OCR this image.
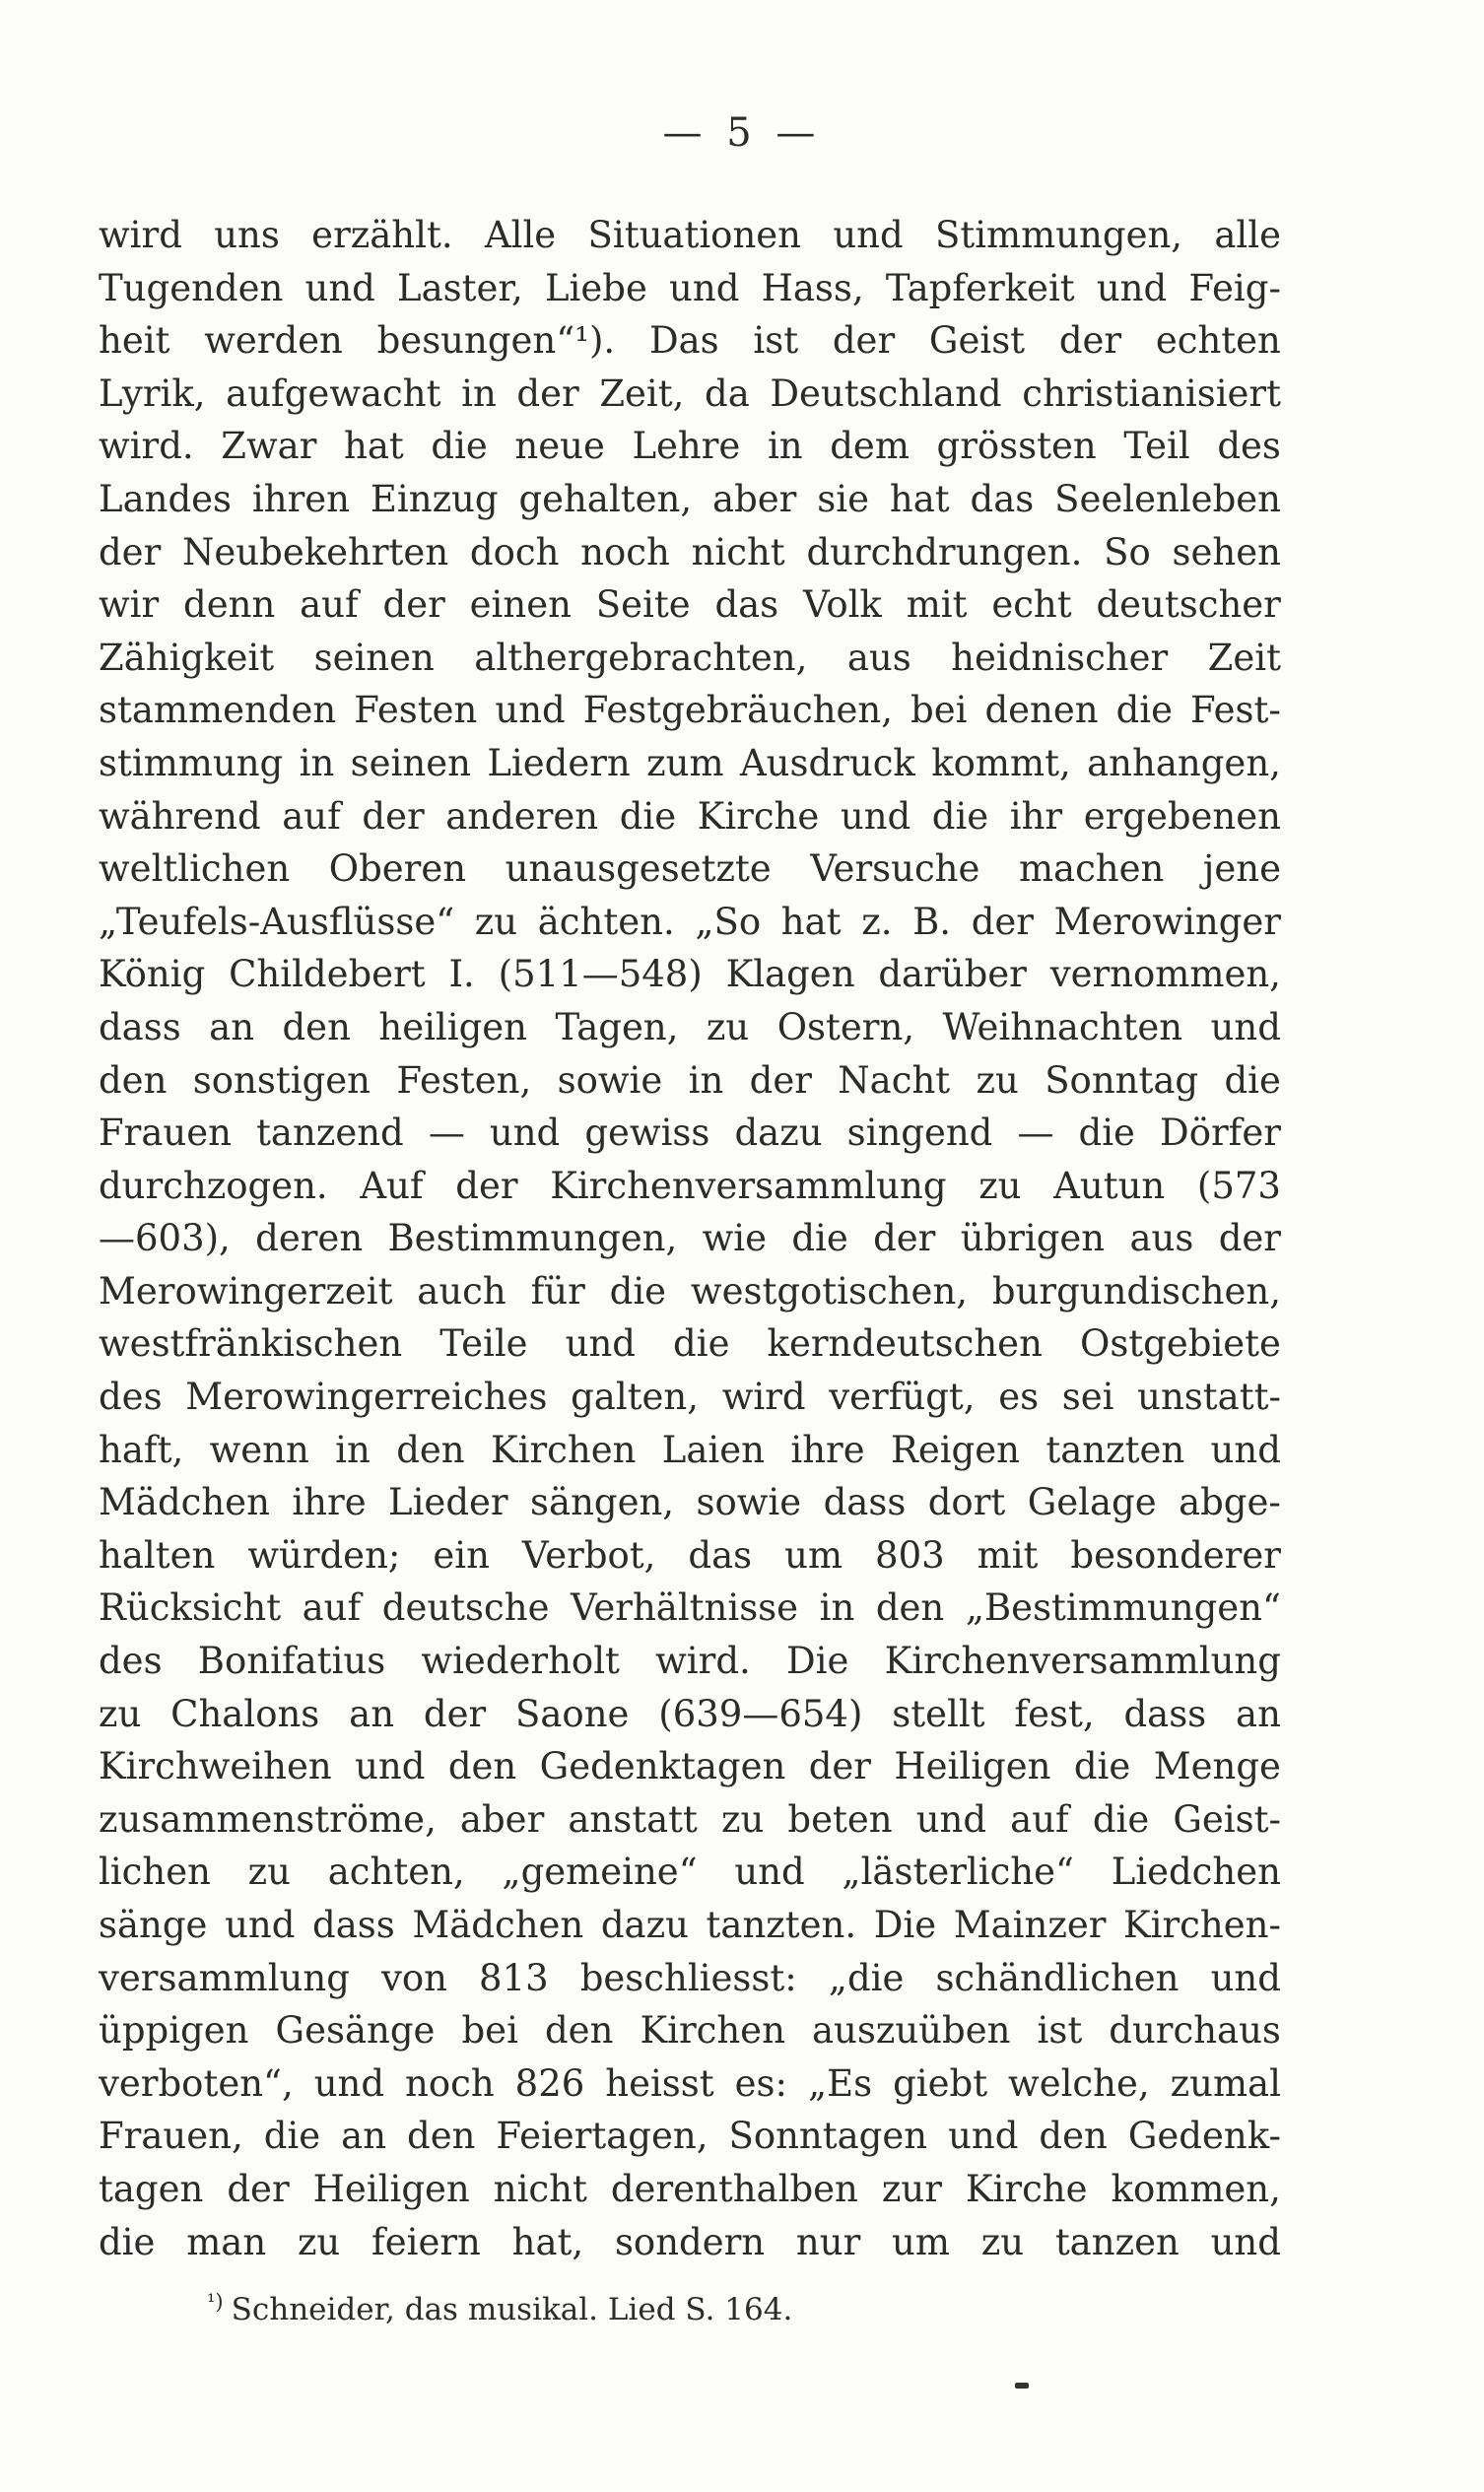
— 5 —
wird uns erzählt. Alle Situationen und Stimmungen, alle
Tugenden und Laster, Liebe und Hass, Tapferkeit und Feig-
heit werden besungen“¹). Das ist der Geist der echten
Lyrik, aufgewacht in der Zeit, da Deutschland christianisiert
wird. Zwar hat die neue Lehre in dem grössten Teil des
Landes ihren Einzug gehalten, aber sie hat das Seelenleben
der Neubekehrten doch noch nicht durchdrungen. So sehen
wir denn auf der einen Seite das Volk mit echt deutscher
Zähigkeit seinen althergebrachten, aus heidnischer Zeit
stammenden Festen und Festgebräuchen, bei denen die Fest-
stimmung in seinen Liedern zum Ausdruck kommt, anhangen,
während auf der anderen die Kirche und die ihr ergebenen
weltlichen Oberen unausgesetzte Versuche machen jene
„Teufels-Ausflüsse“ zu ächten. „So hat z. B. der Merowinger
König Childebert I. (511—548) Klagen darüber vernommen,
dass an den heiligen Tagen, zu Ostern, Weihnachten und
den sonstigen Festen, sowie in der Nacht zu Sonntag die
Frauen tanzend — und gewiss dazu singend — die Dörfer
durchzogen. Auf der Kirchenversammlung zu Autun (573
—603), deren Bestimmungen, wie die der übrigen aus der
Merowingerzeit auch für die westgotischen, burgundischen,
westfränkischen Teile und die kerndeutschen Ostgebiete
des Merowingerreiches galten, wird verfügt, es sei unstatt-
haft, wenn in den Kirchen Laien ihre Reigen tanzten und
Mädchen ihre Lieder sängen, sowie dass dort Gelage abge-
halten würden; ein Verbot, das um 803 mit besonderer
Rücksicht auf deutsche Verhältnisse in den „Bestimmungen“
des Bonifatius wiederholt wird. Die Kirchenversammlung
zu Chalons an der Saone (639—654) stellt fest, dass an
Kirchweihen und den Gedenktagen der Heiligen die Menge
zusammenströme, aber anstatt zu beten und auf die Geist-
lichen zu achten, „gemeine“ und „lästerliche“ Liedchen
sänge und dass Mädchen dazu tanzten. Die Mainzer Kirchen-
versammlung von 813 beschliesst: „die schändlichen und
üppigen Gesänge bei den Kirchen auszuüben ist durchaus
verboten“, und noch 826 heisst es: „Es giebt welche, zumal
Frauen, die an den Feiertagen, Sonntagen und den Gedenk-
tagen der Heiligen nicht derenthalben zur Kirche kommen,
die man zu feiern hat, sondern nur um zu tanzen und
$^{^1)}$ Schneider, das musikal. Lied S. 164.
